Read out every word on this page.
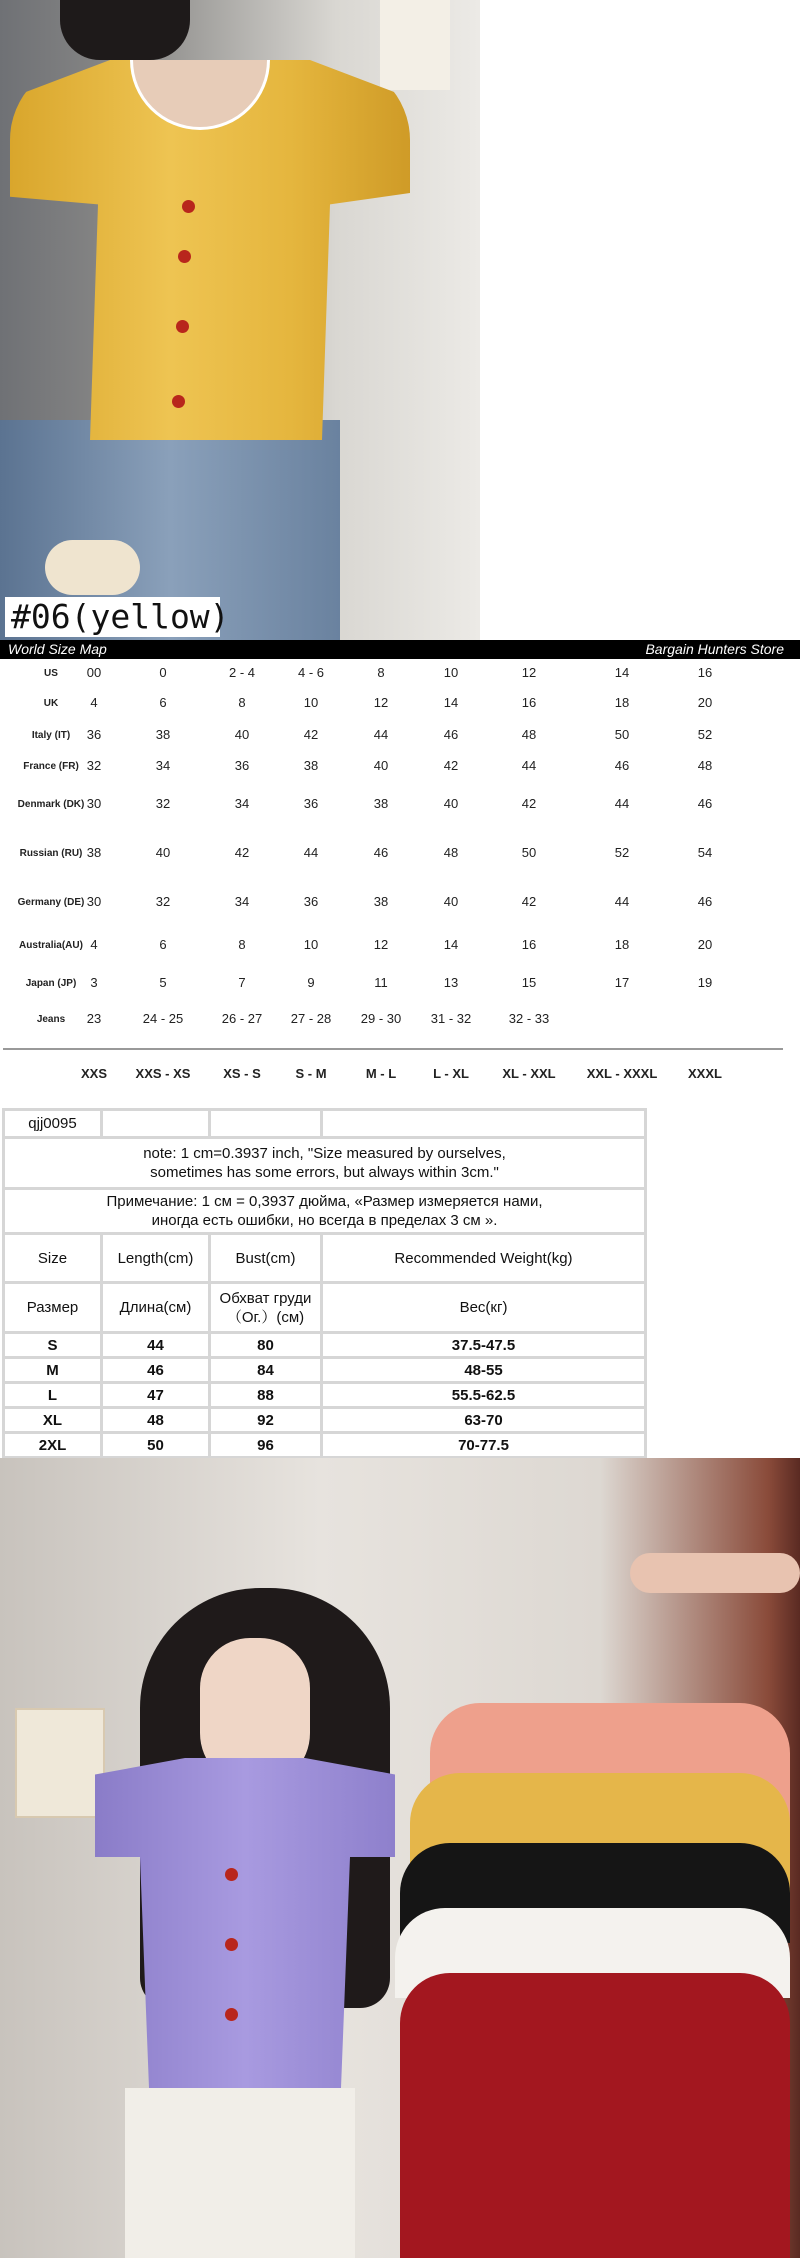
#06(yellow)
World Size Map	Bargain Hunters Store
US	00	0	2 - 4	4 - 6	8	10	12	14	16
UK	4	6	8	10	12	14	16	18	20
Italy (IT)	36	38	40	42	44	46	48	50	52
France (FR) 32	34	36	38	40	42	44	46	48
Denmark (DK) 30	32	34	36	38	40	42	44	46
Russian (RU) 38	40	42	44	46	48	50	52	54
Germany (DE) 30	32	34	36	38	40	42	44	46
Australia(AU) 4	6	8	10	12	14	16	18	20
Japan (JP)	3	5	7	9	11	13	15	17	19
Jeans	23	24 - 25	26 - 27	27 - 28	29 - 30	31 - 32	32 - 33
XXS	XXS - XS	XS - S	S - M	M - L	L - XL	XL - XXL	XXL - XXXL	XXXL
qjj0095			

note: 1 cm=0.3937 inch, "Size measured by ourselves,
sometimes has some errors, but always within 3cm."			

Примечание: 1 см = 0,3937 дюйма, «Размер измеряется нами,
иногда есть ошибки, но всегда в пределах 3 см ».			

Size	Length(cm)	Bust(cm)	Recommended Weight(kg)
Размер	Длина(см)	Обхват груди （Ог.）(см)	Вес(кг)
S	44	80	37.5-47.5
M	46	84	48-55
L	47	88	55.5-62.5
XL	48	92	63-70
2XL	50	96	70-77.5
